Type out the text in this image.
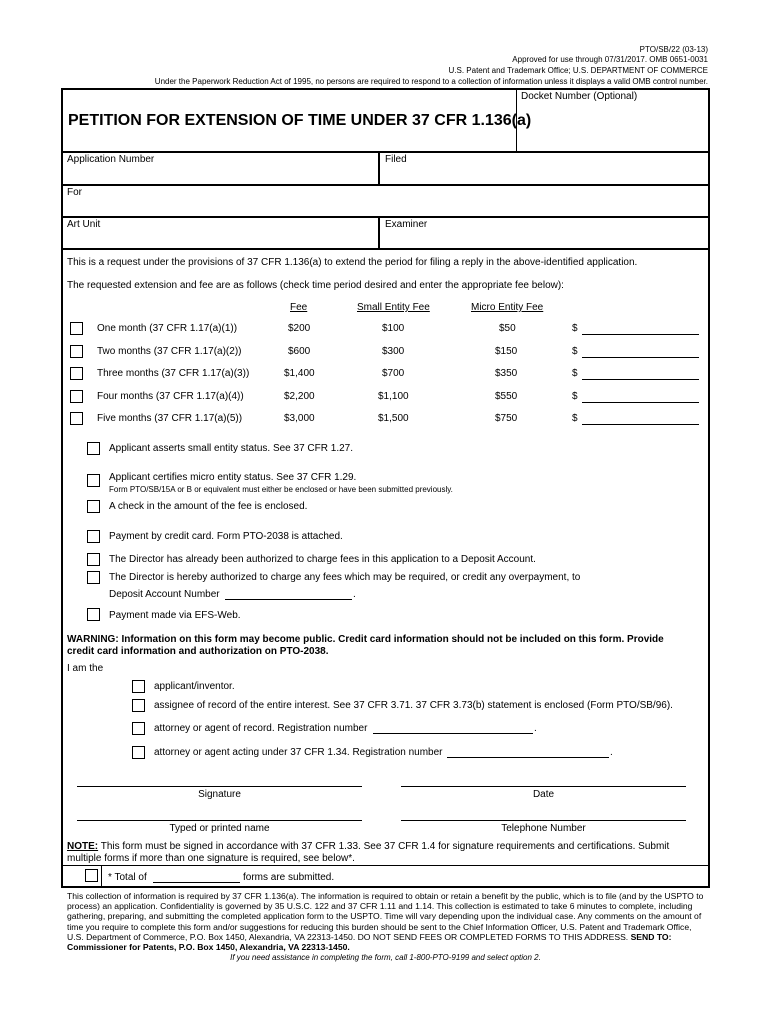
PTO/SB/22 (03-13)
Approved for use through 07/31/2017. OMB 0651-0031
U.S. Patent and Trademark Office; U.S. DEPARTMENT OF COMMERCE
Under the Paperwork Reduction Act of 1995, no persons are required to respond to a collection of information unless it displays a valid OMB control number.
Docket Number (Optional)
PETITION FOR EXTENSION OF TIME UNDER 37 CFR 1.136(a)
Application Number	Filed
For
Art Unit	Examiner
This is a request under the provisions of 37 CFR 1.136(a) to extend the period for filing a reply in the above-identified application.
The requested extension and fee are as follows (check time period desired and enter the appropriate fee below):
Fee	Small Entity Fee	Micro Entity Fee
One month (37 CFR 1.17(a)(1))	$200	$100	$50	$
Two months (37 CFR 1.17(a)(2))	$600	$300	$150	$
Three months (37 CFR 1.17(a)(3))	$1,400	$700	$350	$
Four months (37 CFR 1.17(a)(4))	$2,200	$1,100	$550	$
Five months (37 CFR 1.17(a)(5))	$3,000	$1,500	$750	$
Applicant asserts small entity status. See 37 CFR 1.27.
Applicant certifies micro entity status. See 37 CFR 1.29.
Form PTO/SB/15A or B or equivalent must either be enclosed or have been submitted previously.
A check in the amount of the fee is enclosed.
Payment by credit card. Form PTO-2038 is attached.
The Director has already been authorized to charge fees in this application to a Deposit Account.
The Director is hereby authorized to charge any fees which may be required, or credit any overpayment, to
Deposit Account Number	.
Payment made via EFS-Web.
WARNING: Information on this form may become public. Credit card information should not be included on this form. Provide
credit card information and authorization on PTO-2038.
I am the
applicant/inventor.
assignee of record of the entire interest. See 37 CFR 3.71. 37 CFR 3.73(b) statement is enclosed (Form PTO/SB/96).
attorney or agent of record. Registration number	.
attorney or agent acting under 37 CFR 1.34. Registration number	.
Signature	Date
Typed or printed name	Telephone Number
NOTE: This form must be signed in accordance with 37 CFR 1.33. See 37 CFR 1.4 for signature requirements and certifications. Submit
multiple forms if more than one signature is required, see below*.
* Total of	forms are submitted.
This collection of information is required by 37 CFR 1.136(a). The information is required to obtain or retain a benefit by the public, which is to file (and by the USPTO to process) an application. Confidentiality is governed by 35 U.S.C. 122 and 37 CFR 1.11 and 1.14. This collection is estimated to take 6 minutes to complete, including gathering, preparing, and submitting the completed application form to the USPTO. Time will vary depending upon the individual case. Any comments on the amount of time you require to complete this form and/or suggestions for reducing this burden should be sent to the Chief Information Officer, U.S. Patent and Trademark Office, U.S. Department of Commerce, P.O. Box 1450, Alexandria, VA 22313-1450. DO NOT SEND FEES OR COMPLETED FORMS TO THIS ADDRESS. SEND TO: Commissioner for Patents, P.O. Box 1450, Alexandria, VA 22313-1450.
If you need assistance in completing the form, call 1-800-PTO-9199 and select option 2.
